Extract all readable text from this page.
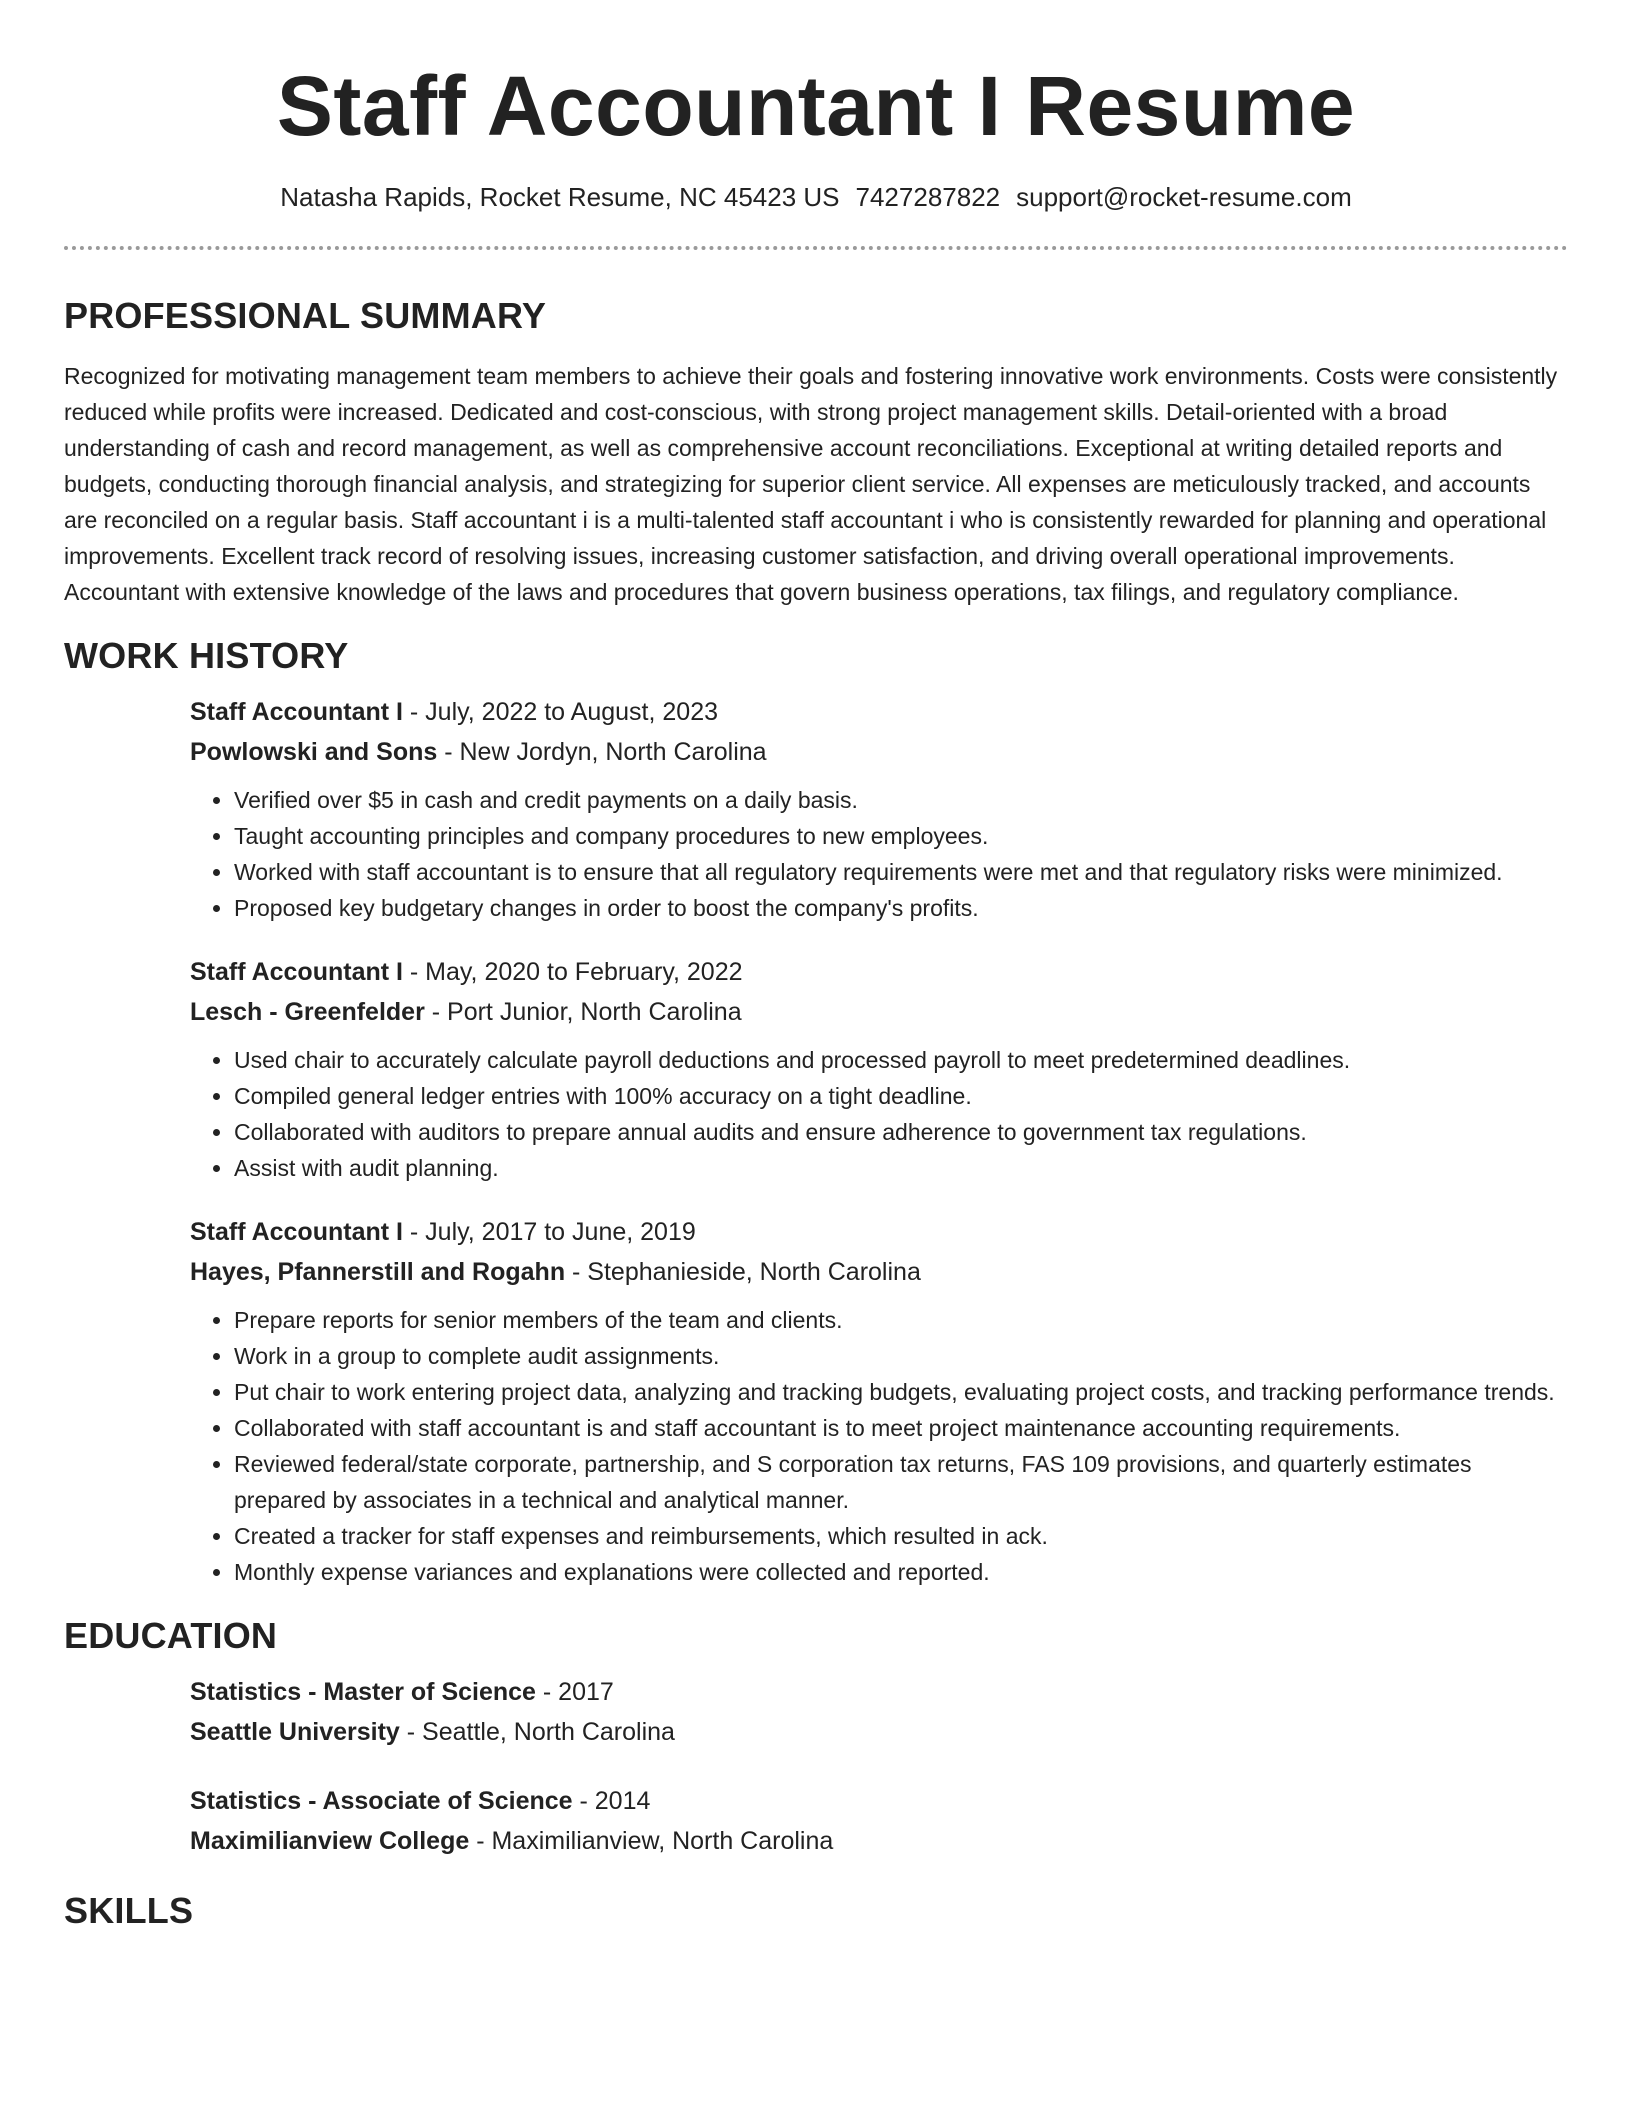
Staff Accountant I Resume
Natasha Rapids, Rocket Resume, NC 45423 US 7427287822 support@rocket-resume.com
PROFESSIONAL SUMMARY

Recognized for motivating management team members to achieve their goals and fostering innovative work environments. Costs were consistently reduced while profits were increased. Dedicated and cost-conscious, with strong project management skills. Detail-oriented with a broad understanding of cash and record management, as well as comprehensive account reconciliations. Exceptional at writing detailed reports and budgets, conducting thorough financial analysis, and strategizing for superior client service. All expenses are meticulously tracked, and accounts are reconciled on a regular basis. Staff accountant i is a multi-talented staff accountant i who is consistently rewarded for planning and operational improvements. Excellent track record of resolving issues, increasing customer satisfaction, and driving overall operational improvements. Accountant with extensive knowledge of the laws and procedures that govern business operations, tax filings, and regulatory compliance.

WORK HISTORY
Staff Accountant I - July, 2022 to August, 2023
Powlowski and Sons - New Jordyn, North Carolina
• Verified over $5 in cash and credit payments on a daily basis.
• Taught accounting principles and company procedures to new employees.
• Worked with staff accountant is to ensure that all regulatory requirements were met and that regulatory risks were minimized.
• Proposed key budgetary changes in order to boost the company's profits.
Staff Accountant I - May, 2020 to February, 2022
Lesch - Greenfelder - Port Junior, North Carolina
• Used chair to accurately calculate payroll deductions and processed payroll to meet predetermined deadlines.
• Compiled general ledger entries with 100% accuracy on a tight deadline.
• Collaborated with auditors to prepare annual audits and ensure adherence to government tax regulations.
• Assist with audit planning.
Staff Accountant I - July, 2017 to June, 2019
Hayes, Pfannerstill and Rogahn - Stephanieside, North Carolina
• Prepare reports for senior members of the team and clients.
• Work in a group to complete audit assignments.
• Put chair to work entering project data, analyzing and tracking budgets, evaluating project costs, and tracking performance trends.
• Collaborated with staff accountant is and staff accountant is to meet project maintenance accounting requirements.
• Reviewed federal/state corporate, partnership, and S corporation tax returns, FAS 109 provisions, and quarterly estimates prepared by associates in a technical and analytical manner.
• Created a tracker for staff expenses and reimbursements, which resulted in ack.
• Monthly expense variances and explanations were collected and reported.
EDUCATION
Statistics - Master of Science - 2017
Seattle University - Seattle, North Carolina
Statistics - Associate of Science - 2014
Maximilianview College - Maximilianview, North Carolina
SKILLS
